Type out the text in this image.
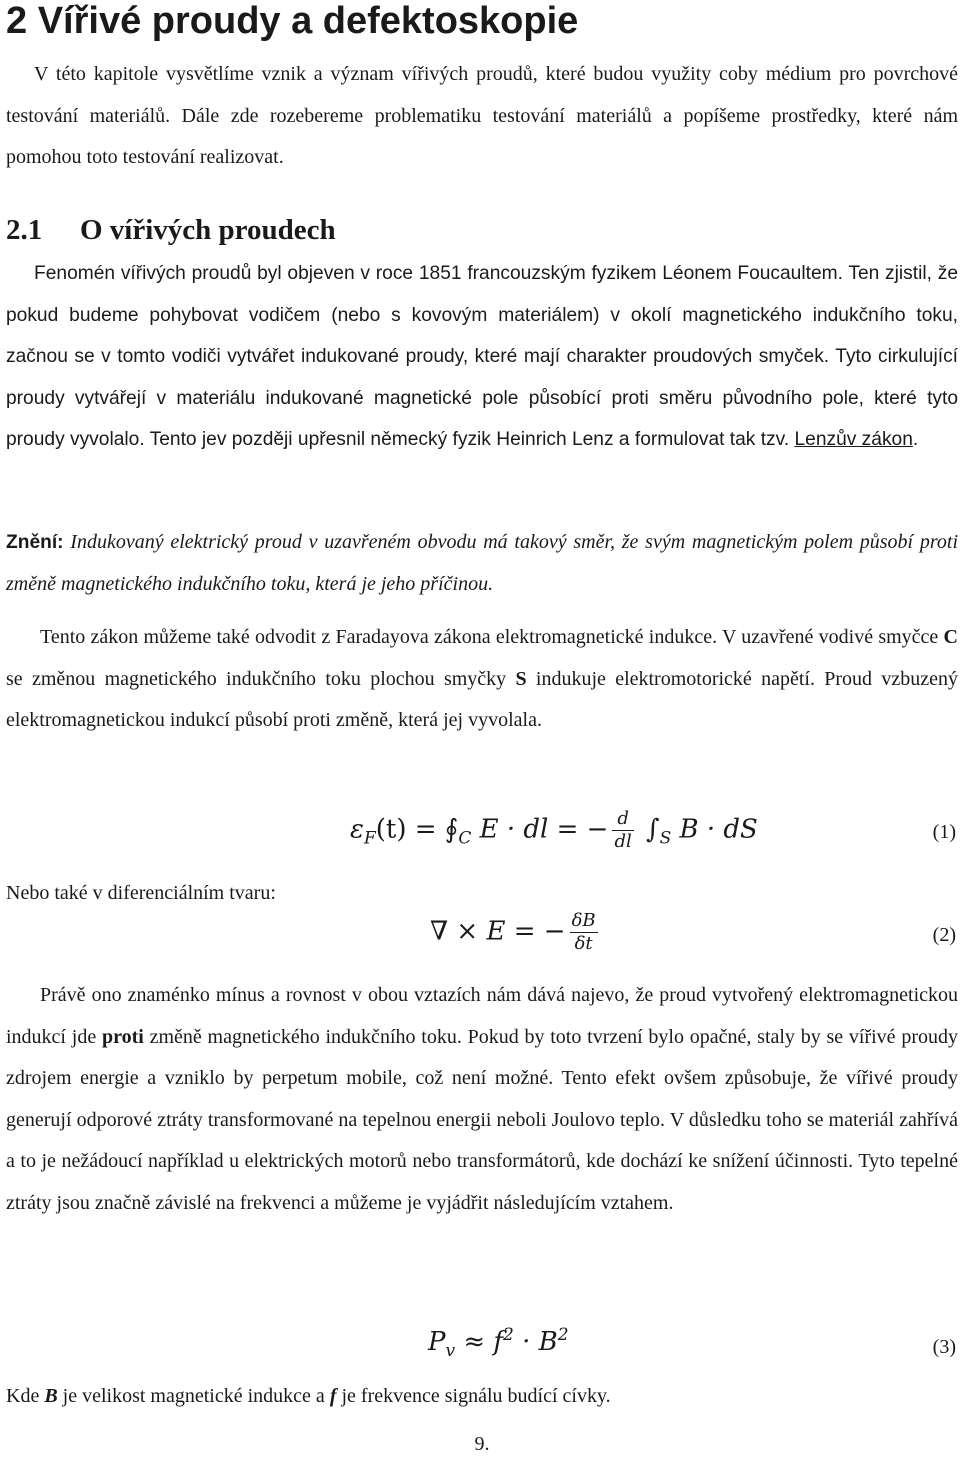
2 Vířivé proudy a defektoskopie

V této kapitole vysvětlíme vznik a význam vířivých proudů, které budou využity coby médium pro povrchové testování materiálů. Dále zde rozebereme problematiku testování materiálů a popíšeme prostředky, které nám pomohou toto testování realizovat.

2.1 O vířivých proudech

Fenomén vířivých proudů byl objeven v roce 1851 francouzským fyzikem Léonem Foucaultem. Ten zjistil, že pokud budeme pohybovat vodičem (nebo s kovovým materiálem) v okolí magnetického indukčního toku, začnou se v tomto vodiči vytvářet indukované proudy, které mají charakter proudových smyček. Tyto cirkulující proudy vytvářejí v materiálu indukované magnetické pole působící proti směru původního pole, které tyto proudy vyvolalo. Tento jev později upřesnil německý fyzik Heinrich Lenz a formulovat tak tzv. Lenzův zákon.

Znění: Indukovaný elektrický proud v uzavřeném obvodu má takový směr, že svým magnetickým polem působí proti změně magnetického indukčního toku, která je jeho příčinou.

Tento zákon můžeme také odvodit z Faradayova zákona elektromagnetické indukce. V uzavřené vodivé smyčce C se změnou magnetického indukčního toku plochou smyčky S indukuje elektromotorické napětí. Proud vzbuzený elektromagnetickou indukcí působí proti změně, která jej vyvolala.

$\varepsilon_F(t)$ = $∮_C$ E · dl = − $\frac{d}{dl} \int_S$ B · dS	(1)
Nebo také v diferenciálním tvaru:
∇ × E = − $\frac{\delta B}{\delta t}$	(2)

Právě ono znaménko mínus a rovnost v obou vztazích nám dává najevo, že proud vytvořený elektromagnetickou indukcí jde proti změně magnetického indukčního toku. Pokud by toto tvrzení bylo opačné, staly by se vířivé proudy zdrojem energie a vzniklo by perpetum mobile, což není možné. Tento efekt ovšem způsobuje, že vířivé proudy generují odporové ztráty transformované na tepelnou energii neboli Joulovo teplo. V důsledku toho se materiál zahřívá a to je nežádoucí například u elektrických motorů nebo transformátorů, kde dochází ke snížení účinnosti. Tyto tepelné ztráty jsou značně závislé na frekvenci a můžeme je vyjádřit následujícím vztahem.

$P_v \approx f^2 \cdot B^2$
(3)
Kde B je velikost magnetické indukce a f je frekvence signálu budící cívky.
9.
